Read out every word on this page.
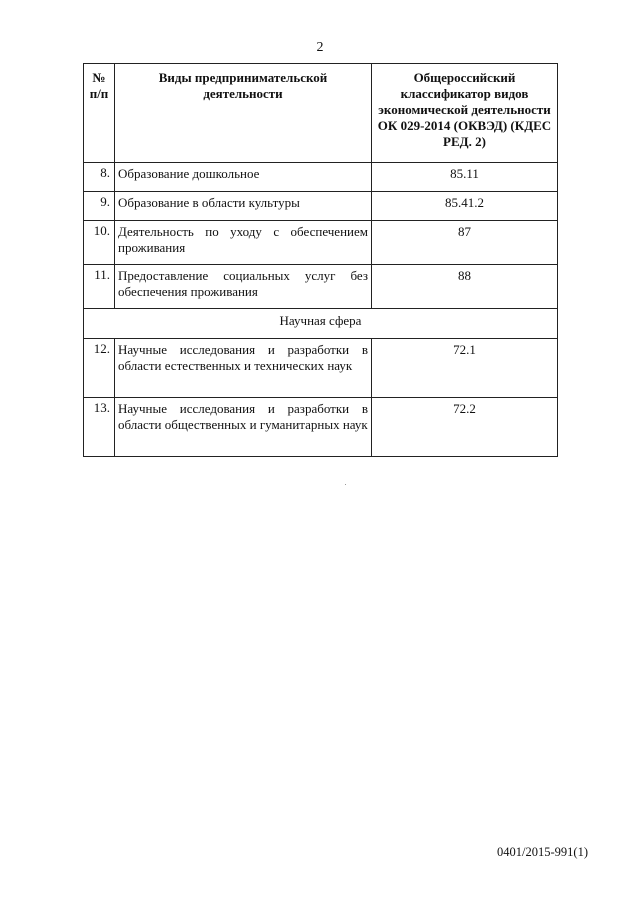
2
№ п/п	Виды предпринимательской деятельности	Общероссийский классификатор видов экономической деятельности ОК 029-2014 (ОКВЭД) (КДЕС РЕД. 2)
8.	Образование дошкольное	85.11
9.	Образование в области культуры	85.41.2
10.	Деятельность по уходу с обеспечением проживания	87
11.	Предоставление социальных услуг без обеспечения проживания	88
Научная сфера		
12.	Научные исследования и разработки в области естественных и технических наук	72.1
13.	Научные исследования и разработки в области общественных и гуманитарных наук	72.2
0401/2015-991(1)
